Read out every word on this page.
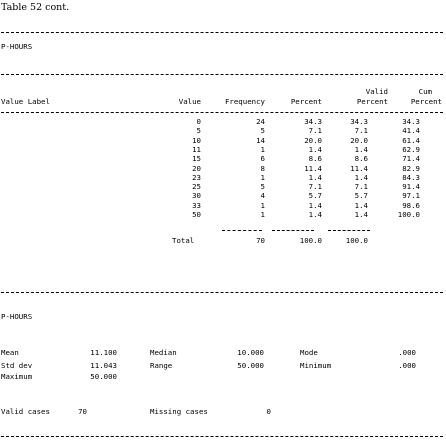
Table 52 cont.
P-HOURS
Valid	Cum
Value Label	Value	Frequency	Percent	Percent	Percent
0	24	34.3	34.3	34.3
5	5	7.1	7.1	41.4
10	14	20.0	20.0	61.4
11	1	1.4	1.4	62.9
15	6	8.6	8.6	71.4
20	8	11.4	11.4	82.9
23	1	1.4	1.4	84.3
25	5	7.1	7.1	91.4
30	4	5.7	5.7	97.1
33	1	1.4	1.4	98.6
50	1	1.4	1.4	100.0
Total	70	100.0	100.0
P-HOURS
Mean	11.100	Median	10.000	Mode	.000
Std dev	11.043	Range	50.000	Minimum	.000
Maximum	50.000
Valid cases	70	Missing cases	0
